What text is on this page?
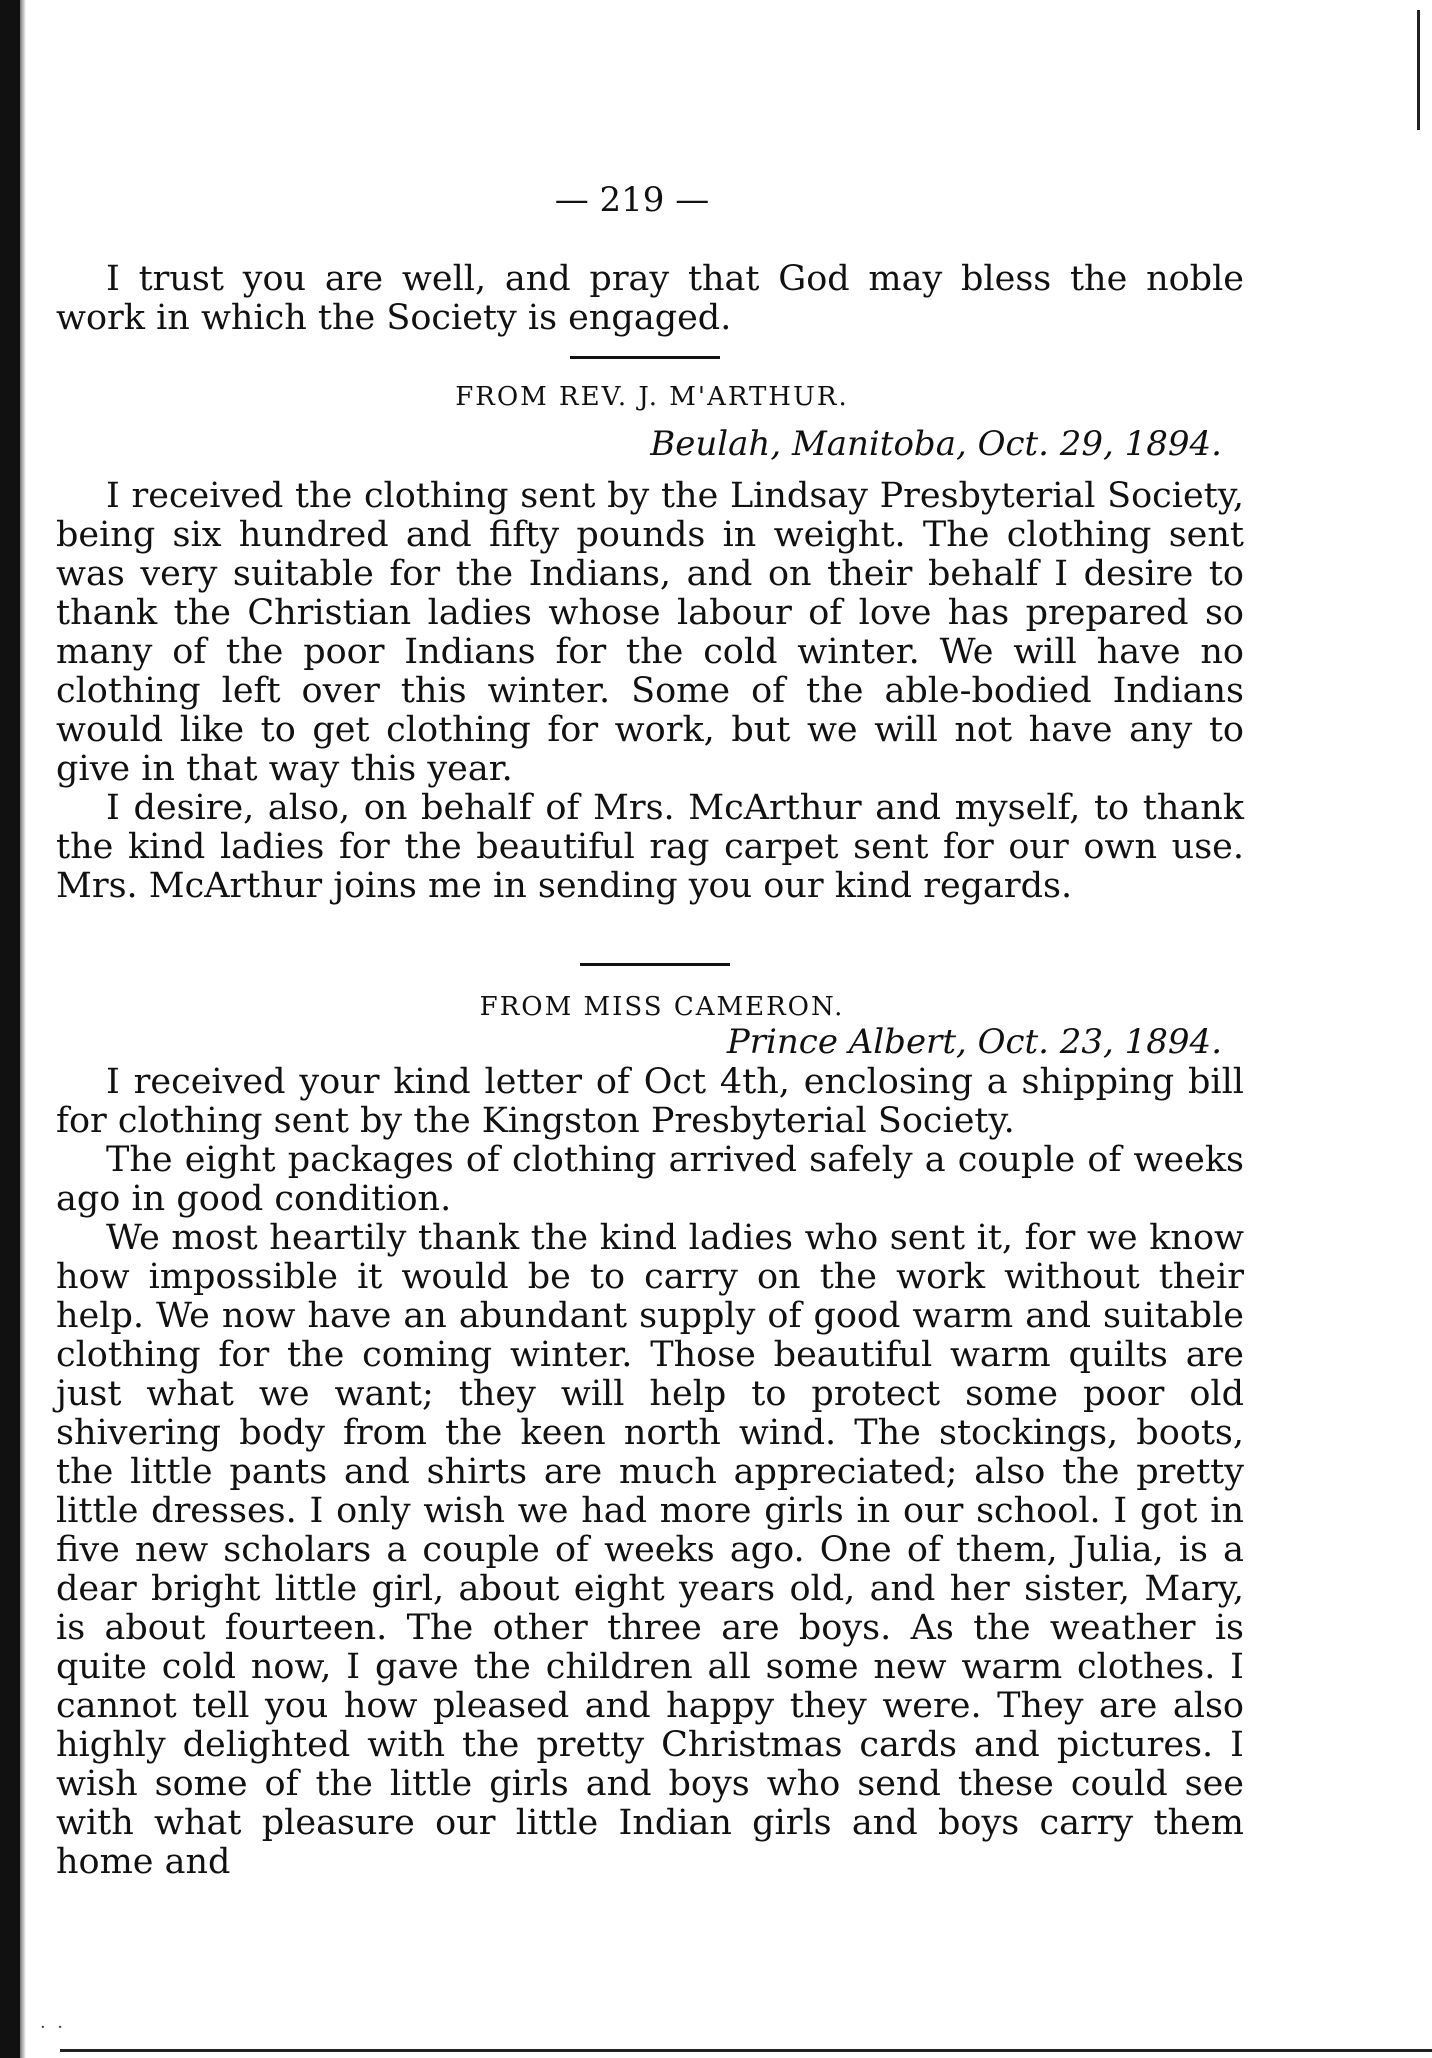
— 219 —

I trust you are well, and pray that God may bless the noble work in which the Society is engaged.

FROM REV. J. M'ARTHUR.
Beulah, Manitoba, Oct. 29, 1894.

I received the clothing sent by the Lindsay Presbyterial Society, being six hundred and fifty pounds in weight. The clothing sent was very suitable for the Indians, and on their behalf I desire to thank the Christian ladies whose labour of love has prepared so many of the poor Indians for the cold winter. We will have no clothing left over this winter. Some of the able-bodied Indians would like to get clothing for work, but we will not have any to give in that way this year.

I desire, also, on behalf of Mrs. McArthur and myself, to thank the kind ladies for the beautiful rag carpet sent for our own use. Mrs. McArthur joins me in sending you our kind regards.

FROM MISS CAMERON.
Prince Albert, Oct. 23, 1894.

I received your kind letter of Oct 4th, enclosing a shipping bill for clothing sent by the Kingston Presbyterial Society.

The eight packages of clothing arrived safely a couple of weeks ago in good condition.

We most heartily thank the kind ladies who sent it, for we know how impossible it would be to carry on the work without their help. We now have an abundant supply of good warm and suitable clothing for the coming winter. Those beautiful warm quilts are just what we want; they will help to protect some poor old shivering body from the keen north wind. The stockings, boots, the little pants and shirts are much appreciated; also the pretty little dresses. I only wish we had more girls in our school. I got in five new scholars a couple of weeks ago. One of them, Julia, is a dear bright little girl, about eight years old, and her sister, Mary, is about fourteen. The other three are boys. As the weather is quite cold now, I gave the children all some new warm clothes. I cannot tell you how pleased and happy they were. They are also highly delighted with the pretty Christmas cards and pictures. I wish some of the little girls and boys who send these could see with what pleasure our little Indian girls and boys carry them home and

· ·
